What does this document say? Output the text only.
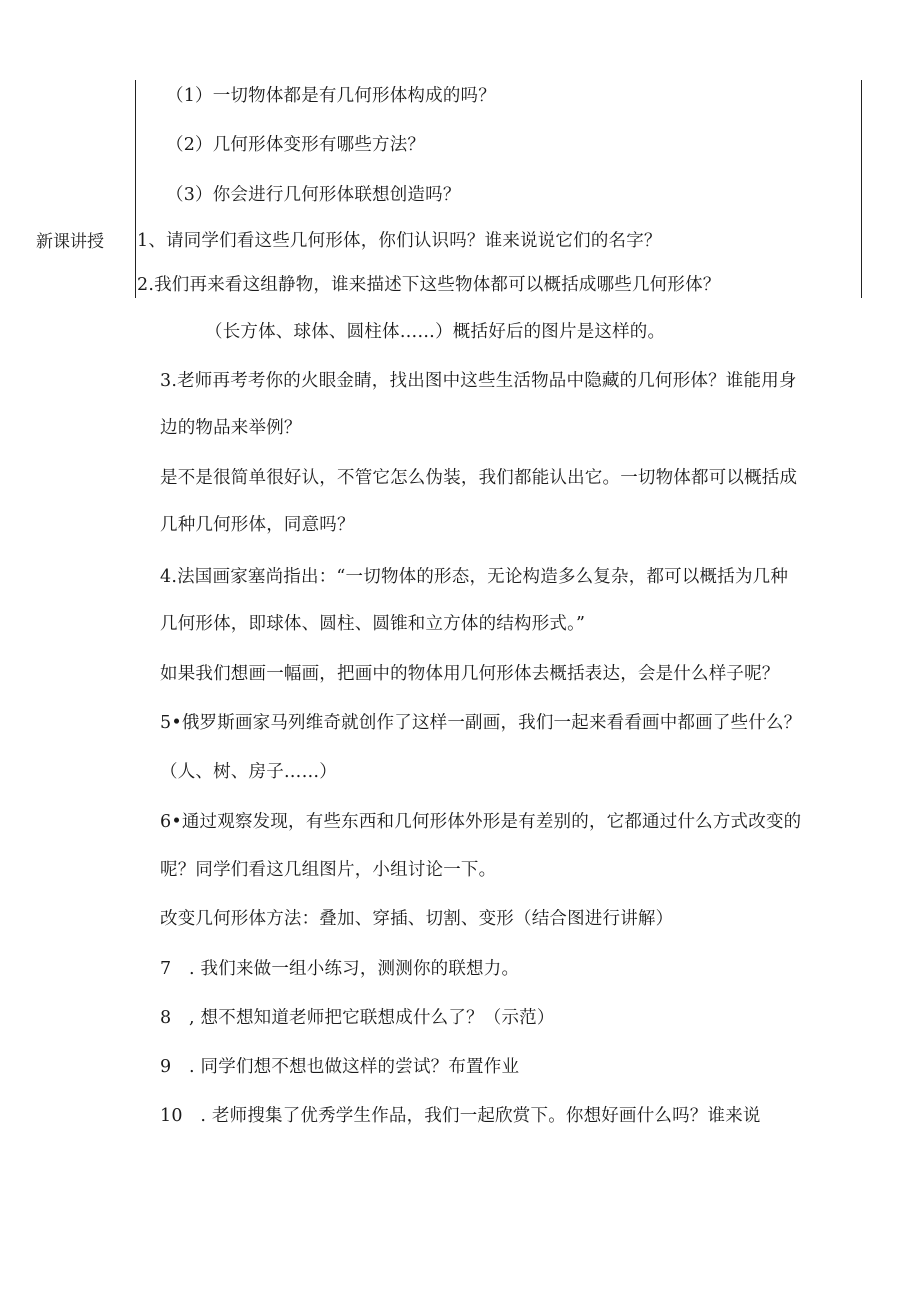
新课讲授
（1）一切物体都是有几何形体构成的吗？
（2）几何形体变形有哪些方法？
（3）你会进行几何形体联想创造吗？
1、请同学们看这些几何形体，你们认识吗？谁来说说它们的名字？
2.我们再来看这组静物，谁来描述下这些物体都可以概括成哪些几何形体？
（长方体、球体、圆柱体……）概括好后的图片是这样的。
3.老师再考考你的火眼金睛，找出图中这些生活物品中隐藏的几何形体？谁能用身
边的物品来举例？
是不是很简单很好认，不管它怎么伪装，我们都能认出它。一切物体都可以概括成
几种几何形体，同意吗？
4.法国画家塞尚指出：“一切物体的形态，无论构造多么复杂，都可以概括为几种
几何形体，即球体、圆柱、圆锥和立方体的结构形式。”
如果我们想画一幅画，把画中的物体用几何形体去概括表达，会是什么样子呢？
5•俄罗斯画家马列维奇就创作了这样一副画，我们一起来看看画中都画了些什么？
（人、树、房子……）
6•通过观察发现，有些东西和几何形体外形是有差别的，它都通过什么方式改变的
呢？同学们看这几组图片，小组讨论一下。
改变几何形体方法：叠加、穿插、切割、变形（结合图进行讲解）
7　. 我们来做一组小练习，测测你的联想力。
8　, 想不想知道老师把它联想成什么了？（示范）
9　. 同学们想不想也做这样的尝试？布置作业
10　. 老师搜集了优秀学生作品，我们一起欣赏下。你想好画什么吗？谁来说
